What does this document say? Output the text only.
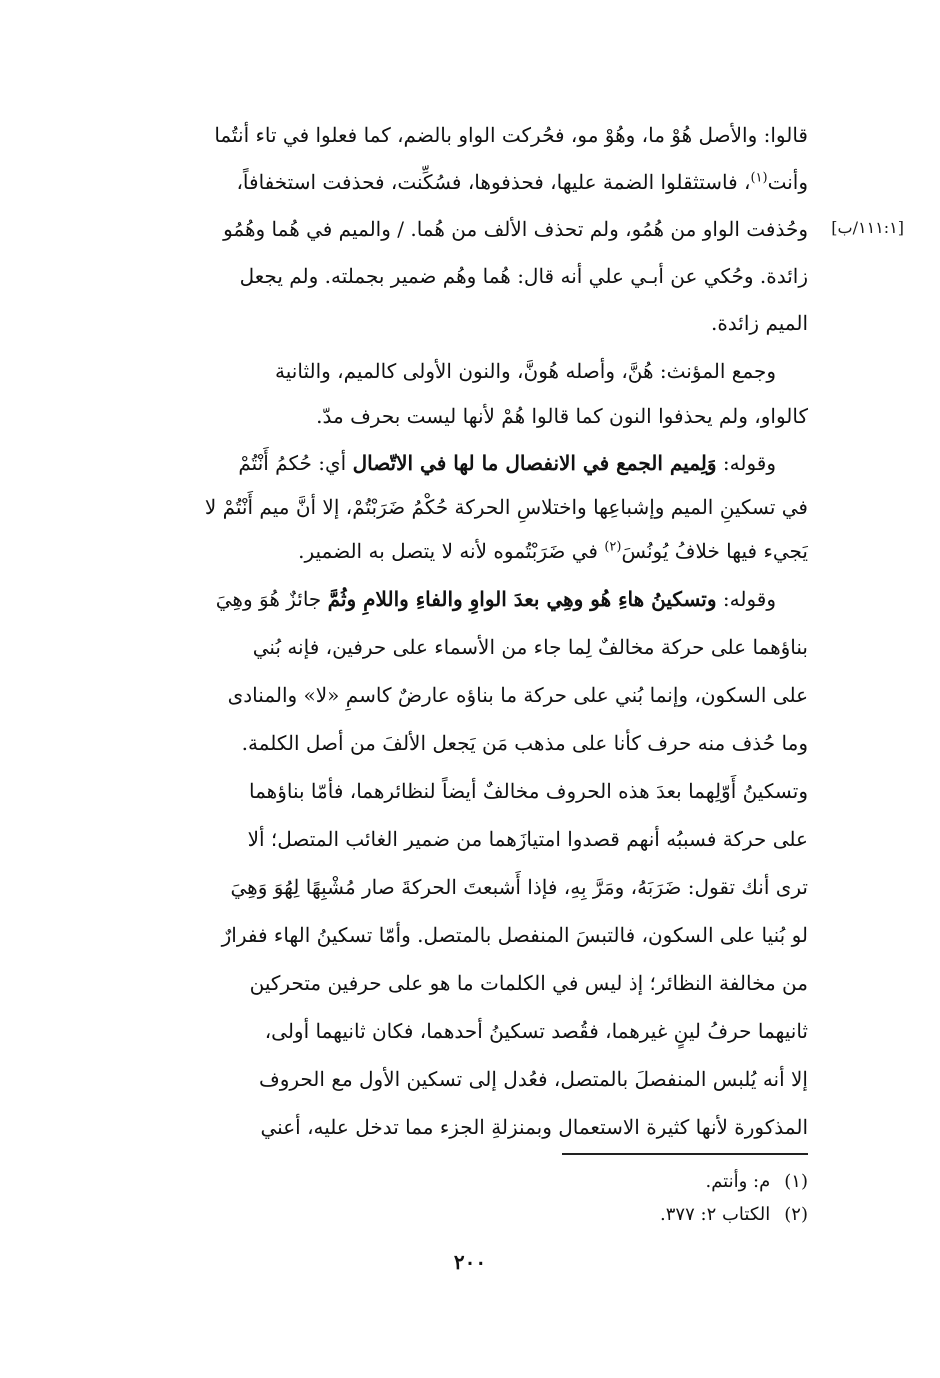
[١١١:١/ب]

قالوا: والأصل هُوْ ما، وهُوْ مو، فحُركت الواو بالضم، كما فعلوا في تاء أنتُما
وأنت$^{(١)}$، فاستثقلوا الضمة عليها، فحذفوها، فسُكِّنت، فحذفت استخفافاً،
وحُذفت الواو من هُمُو، ولم تحذف الألف من هُما. / والميم في هُما وهُمُو
زائدة. وحُكي عن أبـي علي أنه قال: هُما وهُم ضمير بجملته. ولم يجعل
الميم زائدة.

وجمع المؤنث: هُنَّ، وأصله هُونَّ، والنون الأولى كالميم، والثانية
كالواو، ولم يحذفوا النون كما قالوا هُمْ لأنها ليست بحرف مدّ.

وقوله: وَلِميم الجمع في الانفصال ما لها في الاتّصال أي: حُكمُ أَنْتُمْ
في تسكينِ الميم وإشباعِها واختلاسِ الحركة حُكْمُ ضَرَبْتُمْ، إلا أنَّ ميم أَنْتُمْ لا
يَجيء فيها خلافُ يُونُسَ$^{(٢)}$ في ضَرَبْتُموه لأنه لا يتصل به الضمير.

وقوله: وتسكينُ هاءِ هُو وهِي بعدَ الواوِ والفاءِ واللامِ وثُمَّ جائزٌ هُوَ وهِيَ
بناؤهما على حركة مخالفٌ لِما جاء من الأسماء على حرفين، فإنه بُني
على السكون، وإنما بُني على حركة ما بناؤه عارضٌ كاسمِ «لا» والمنادى
وما حُذف منه حرف كأنا على مذهب مَن يَجعل الألفَ من أصل الكلمة.
وتسكينُ أَوّلِهما بعدَ هذه الحروف مخالفٌ أيضاً لنظائرهما، فأمّا بناؤهما
على حركة فسببُه أنهم قصدوا امتيازَهما من ضمير الغائب المتصل؛ ألا
ترى أنك تقول: ضَرَبَهُ، ومَرَّ بِهِ، فإذا أَشبعتَ الحركةَ صار مُشْبِهًا لِهُوَ وَهِيَ
لو بُنيا على السكون، فالتبسَ المنفصل بالمتصل. وأمّا تسكينُ الهاء ففرارٌ
من مخالفة النظائر؛ إذ ليس في الكلمات ما هو على حرفين متحركين
ثانيهما حرفُ لينٍ غيرهما، فقُصد تسكينُ أحدهما، فكان ثانيهما أولى،
إلا أنه يُلبس المنفصلَ بالمتصل، فعُدل إلى تسكين الأول مع الحروف
المذكورة لأنها كثيرة الاستعمال وبمنزلةِ الجزء مما تدخل عليه، أعني

(١)م: وأنتم.
(٢)الكتاب ٢: ٣٧٧.
٢٠٠
